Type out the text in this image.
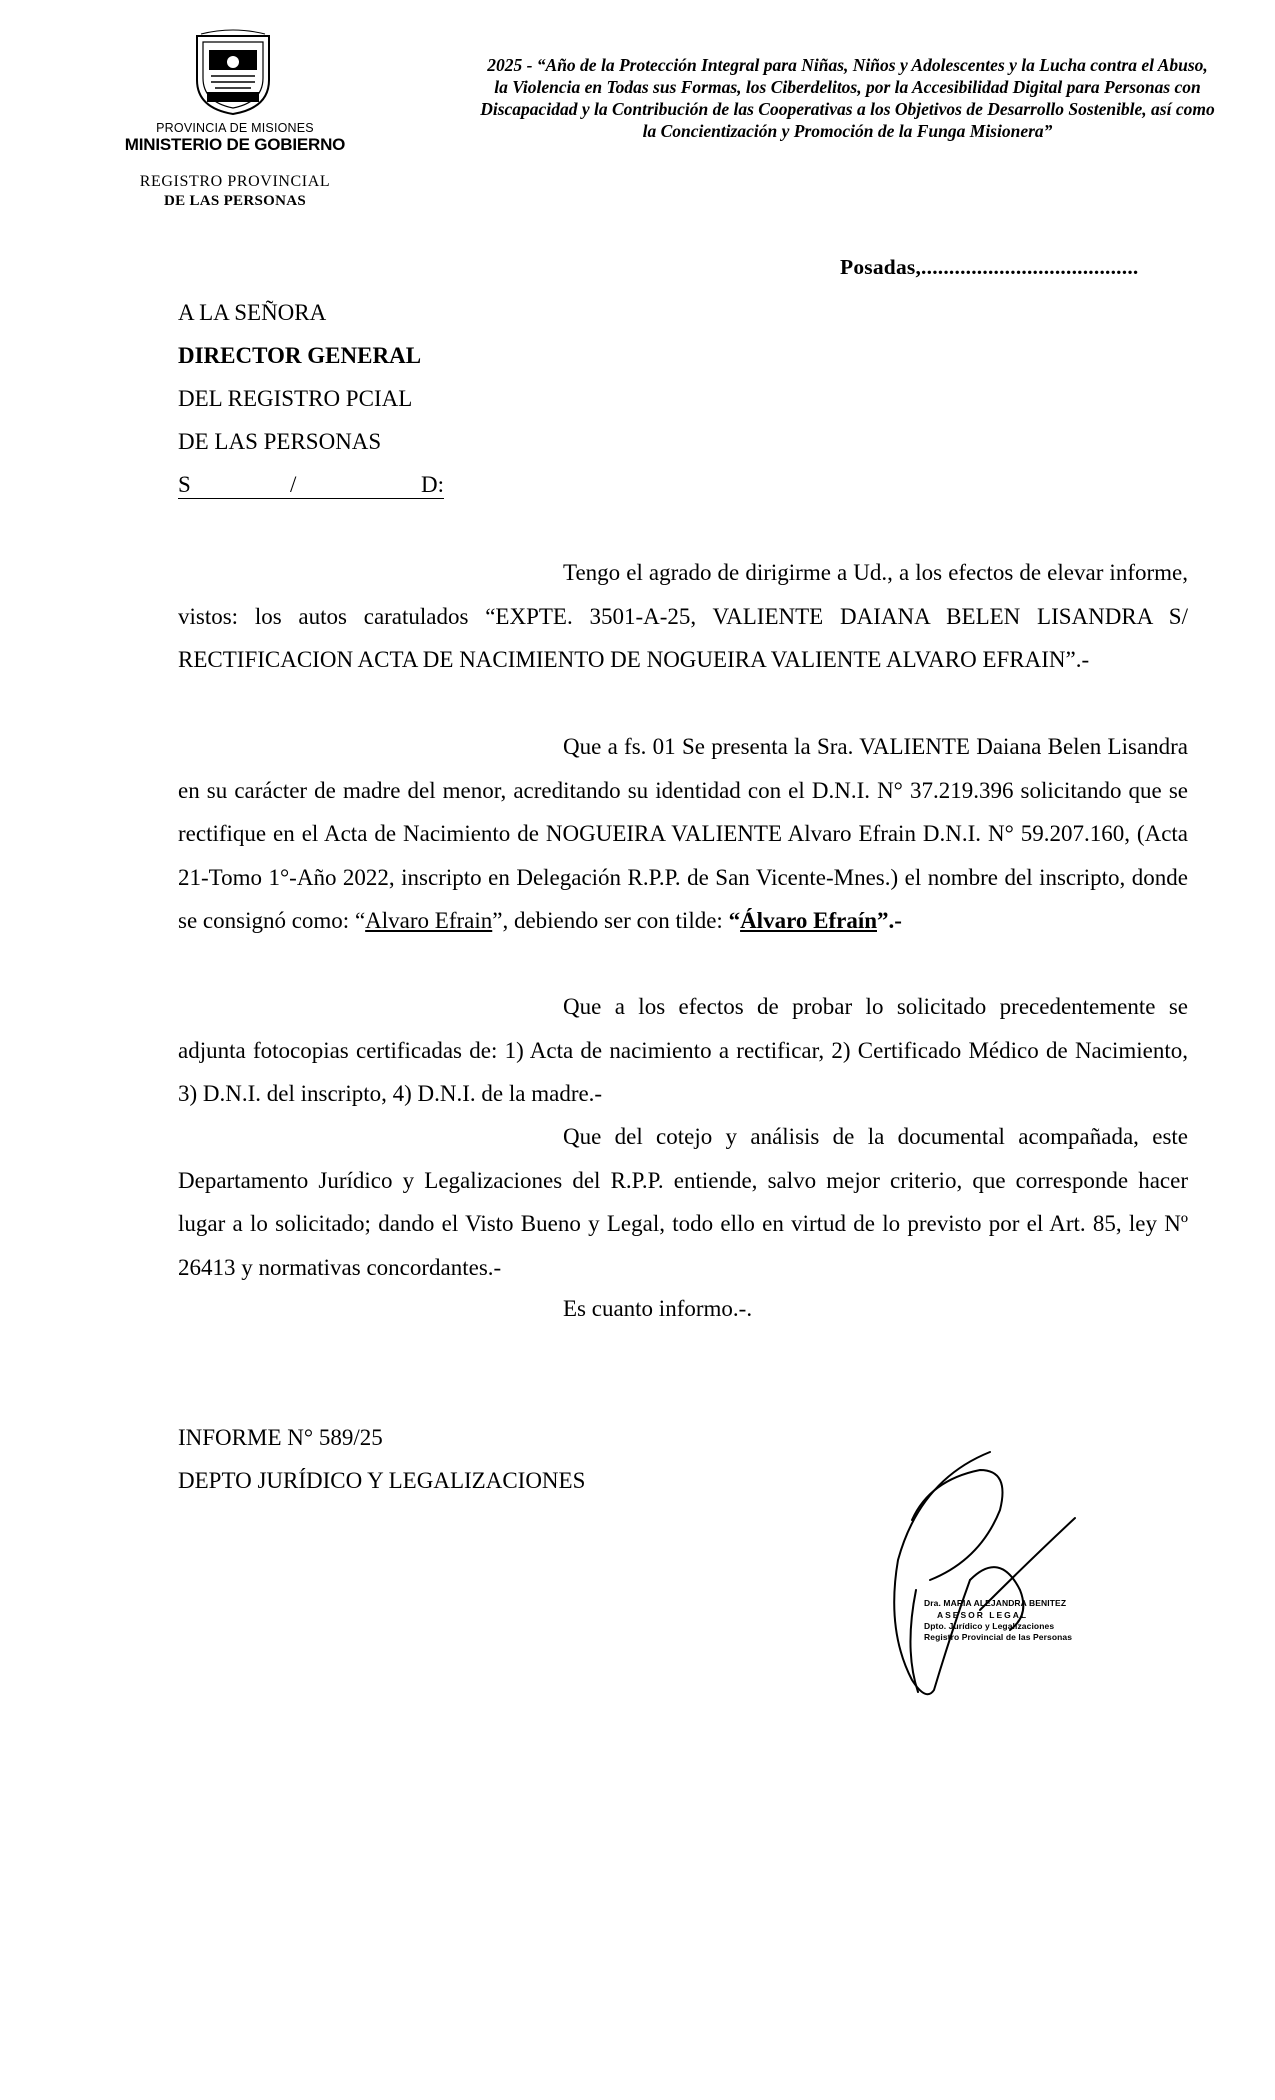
PROVINCIA DE MISIONES
MINISTERIO DE GOBIERNO
REGISTRO PROVINCIAL
DE LAS PERSONAS
2025 - “Año de la Protección Integral para Niñas, Niños y Adolescentes y la Lucha contra el Abuso, la Violencia en Todas sus Formas, los Ciberdelitos, por la Accesibilidad Digital para Personas con Discapacidad y la Contribución de las Cooperativas a los Objetivos de Desarrollo Sostenible, así como la Concientización y Promoción de la Funga Misionera”
Posadas,.......................................
A LA SEÑORA
DIRECTOR GENERAL
DEL REGISTRO PCIAL
DE LAS PERSONAS
S	/	D:
Tengo el agrado de dirigirme a Ud., a los efectos de elevar informe, vistos: los autos caratulados “EXPTE. 3501-A-25, VALIENTE DAIANA BELEN LISANDRA S/ RECTIFICACION ACTA DE NACIMIENTO DE NOGUEIRA VALIENTE ALVARO EFRAIN”.-
Que a fs. 01 Se presenta la Sra. VALIENTE Daiana Belen Lisandra en su carácter de madre del menor, acreditando su identidad con el D.N.I. N° 37.219.396 solicitando que se rectifique en el Acta de Nacimiento de NOGUEIRA VALIENTE Alvaro Efrain D.N.I. N° 59.207.160, (Acta 21-Tomo 1°-Año 2022, inscripto en Delegación R.P.P. de San Vicente-Mnes.) el nombre del inscripto, donde se consignó como: “Alvaro Efrain”, debiendo ser con tilde: “Álvaro Efraín”.-
Que a los efectos de probar lo solicitado precedentemente se adjunta fotocopias certificadas de: 1) Acta de nacimiento a rectificar, 2) Certificado Médico de Nacimiento, 3) D.N.I. del inscripto, 4) D.N.I. de la madre.-
Que del cotejo y análisis de la documental acompañada, este Departamento Jurídico y Legalizaciones del R.P.P. entiende, salvo mejor criterio, que corresponde hacer lugar a lo solicitado; dando el Visto Bueno y Legal, todo ello en virtud de lo previsto por el Art. 85, ley Nº 26413 y normativas concordantes.-
Es cuanto informo.-.
INFORME N° 589/25
DEPTO JURÍDICO Y LEGALIZACIONES
Dra. MARIA ALEJANDRA BENITEZ
ASESOR LEGAL
Dpto. Jurídico y Legalizaciones
Registro Provincial de las Personas
